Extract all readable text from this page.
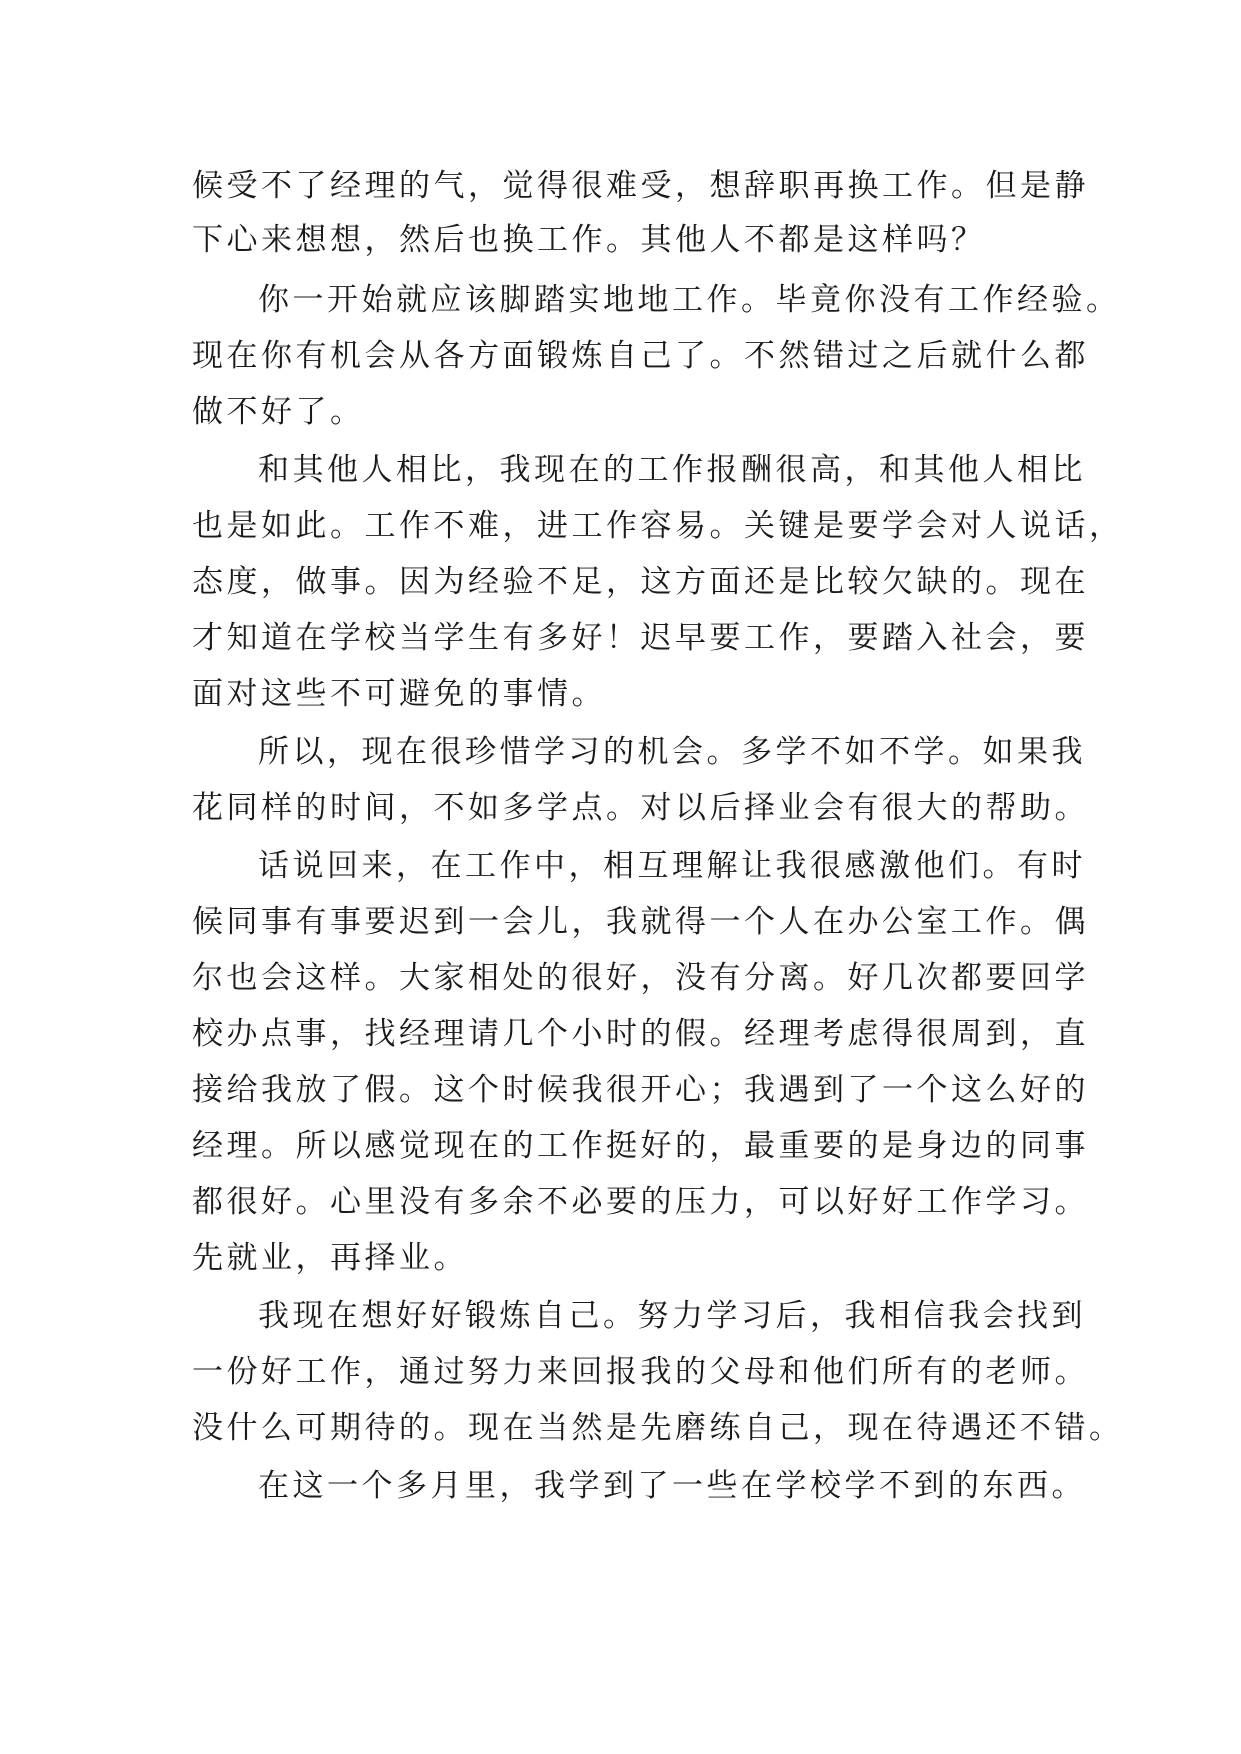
候受不了经理的气，觉得很难受，想辞职再换工作。但是静
下心来想想，然后也换工作。其他人不都是这样吗？
你一开始就应该脚踏实地地工作。毕竟你没有工作经验。
现在你有机会从各方面锻炼自己了。不然错过之后就什么都
做不好了。
和其他人相比，我现在的工作报酬很高，和其他人相比
也是如此。工作不难，进工作容易。关键是要学会对人说话，
态度，做事。因为经验不足，这方面还是比较欠缺的。现在
才知道在学校当学生有多好！迟早要工作，要踏入社会，要
面对这些不可避免的事情。
所以，现在很珍惜学习的机会。多学不如不学。如果我
花同样的时间，不如多学点。对以后择业会有很大的帮助。
话说回来，在工作中，相互理解让我很感激他们。有时
候同事有事要迟到一会儿，我就得一个人在办公室工作。偶
尔也会这样。大家相处的很好，没有分离。好几次都要回学
校办点事，找经理请几个小时的假。经理考虑得很周到，直
接给我放了假。这个时候我很开心；我遇到了一个这么好的
经理。所以感觉现在的工作挺好的，最重要的是身边的同事
都很好。心里没有多余不必要的压力，可以好好工作学习。
先就业，再择业。
我现在想好好锻炼自己。努力学习后，我相信我会找到
一份好工作，通过努力来回报我的父母和他们所有的老师。
没什么可期待的。现在当然是先磨练自己，现在待遇还不错。
在这一个多月里，我学到了一些在学校学不到的东西。
